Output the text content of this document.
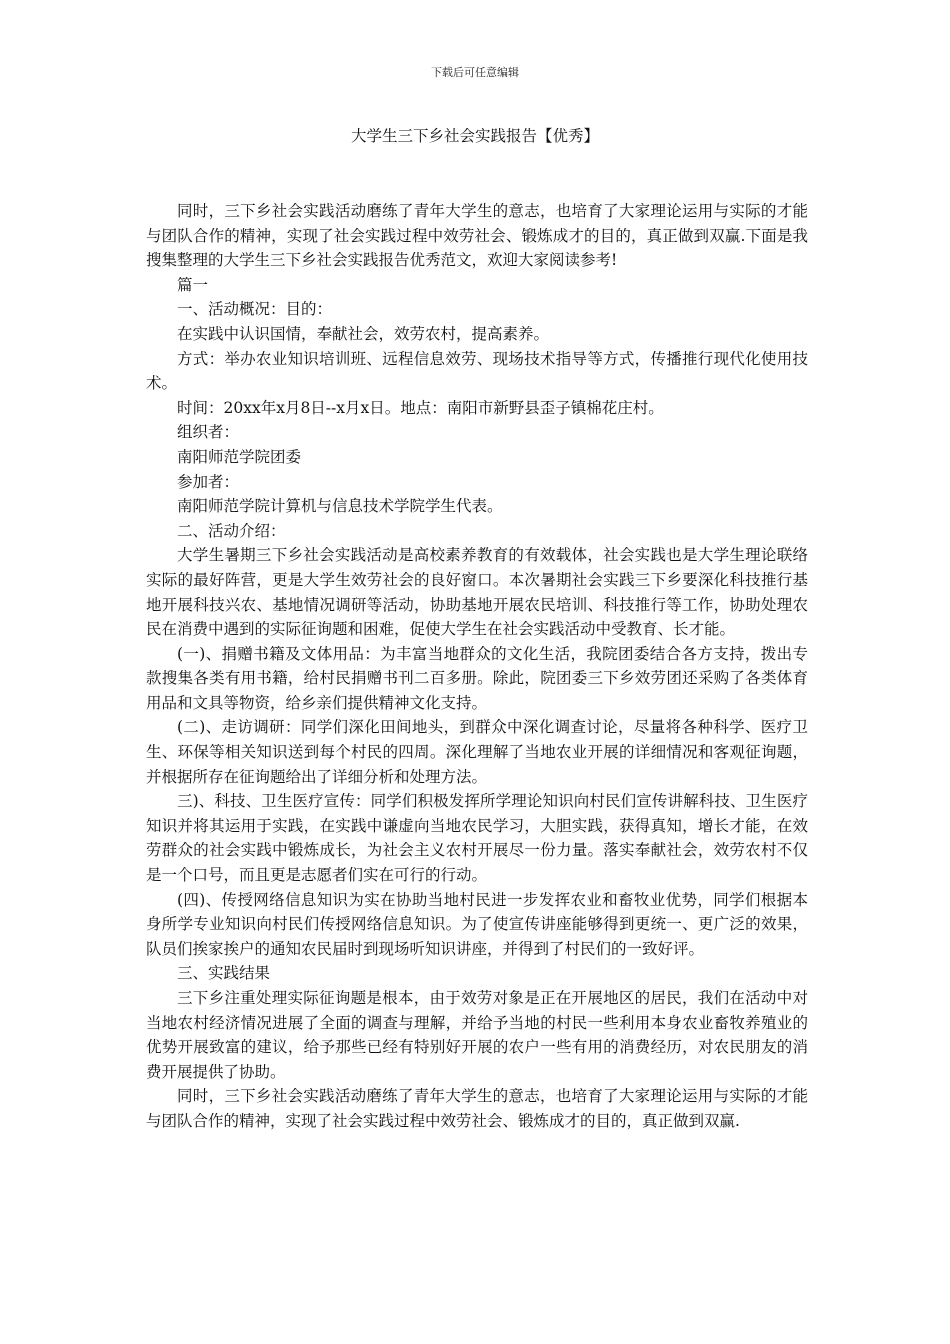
下载后可任意编辑
大学生三下乡社会实践报告【优秀】

同时，三下乡社会实践活动磨练了青年大学生的意志，也培育了大家理论运用与实际的才能与团队合作的精神，实现了社会实践过程中效劳社会、锻炼成才的目的，真正做到双赢.下面是我搜集整理的大学生三下乡社会实践报告优秀范文，欢迎大家阅读参考!

篇一

一、活动概况：目的：

在实践中认识国情，奉献社会，效劳农村，提高素养。

方式：举办农业知识培训班、远程信息效劳、现场技术指导等方式，传播推行现代化使用技术。

时间：20xx年x月8日--x月x日。地点：南阳市新野县歪子镇棉花庄村。

组织者：

南阳师范学院团委

参加者：

南阳师范学院计算机与信息技术学院学生代表。

二、活动介绍：

大学生暑期三下乡社会实践活动是高校素养教育的有效载体，社会实践也是大学生理论联络实际的最好阵营，更是大学生效劳社会的良好窗口。本次暑期社会实践三下乡要深化科技推行基地开展科技兴农、基地情况调研等活动，协助基地开展农民培训、科技推行等工作，协助处理农民在消费中遇到的实际征询题和困难，促使大学生在社会实践活动中受教育、长才能。

(一)、捐赠书籍及文体用品：为丰富当地群众的文化生活，我院团委结合各方支持，拨出专款搜集各类有用书籍，给村民捐赠书刊二百多册。除此，院团委三下乡效劳团还采购了各类体育用品和文具等物资，给乡亲们提供精神文化支持。

(二)、走访调研：同学们深化田间地头，到群众中深化调查讨论，尽量将各种科学、医疗卫生、环保等相关知识送到每个村民的四周。深化理解了当地农业开展的详细情况和客观征询题，并根据所存在征询题给出了详细分析和处理方法。

三)、科技、卫生医疗宣传：同学们积极发挥所学理论知识向村民们宣传讲解科技、卫生医疗知识并将其运用于实践，在实践中谦虚向当地农民学习，大胆实践，获得真知，增长才能，在效劳群众的社会实践中锻炼成长，为社会主义农村开展尽一份力量。落实奉献社会，效劳农村不仅是一个口号，而且更是志愿者们实在可行的行动。

(四)、传授网络信息知识为实在协助当地村民进一步发挥农业和畜牧业优势，同学们根据本身所学专业知识向村民们传授网络信息知识。为了使宣传讲座能够得到更统一、更广泛的效果，队员们挨家挨户的通知农民届时到现场听知识讲座，并得到了村民们的一致好评。

三、实践结果

三下乡注重处理实际征询题是根本，由于效劳对象是正在开展地区的居民，我们在活动中对当地农村经济情况进展了全面的调查与理解，并给予当地的村民一些利用本身农业畜牧养殖业的优势开展致富的建议，给予那些已经有特别好开展的农户一些有用的消费经历，对农民朋友的消费开展提供了协助。

同时，三下乡社会实践活动磨练了青年大学生的意志，也培育了大家理论运用与实际的才能与团队合作的精神，实现了社会实践过程中效劳社会、锻炼成才的目的，真正做到双赢.
